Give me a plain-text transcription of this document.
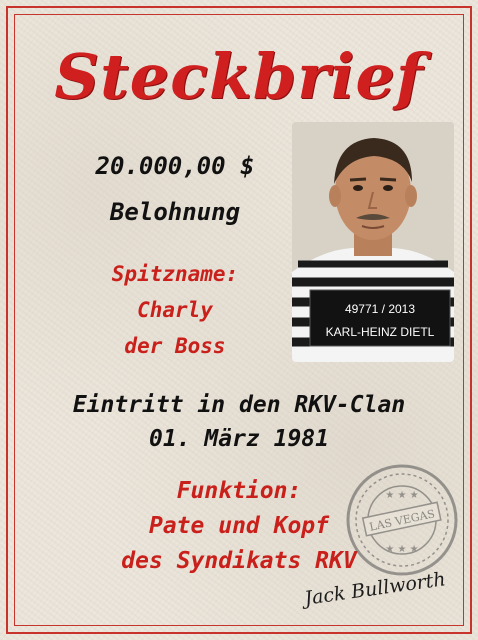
Steckbrief
20.000,00 $
Belohnung
Spitzname:
Charly
der Boss
49771 / 2013
KARL-HEINZ DIETL
Eintritt in den RKV-Clan
01. März 1981
Funktion:
Pate und Kopf
des Syndikats RKV
LAS VEGAS
★ ★ ★
★ ★ ★
Jack Bullworth
